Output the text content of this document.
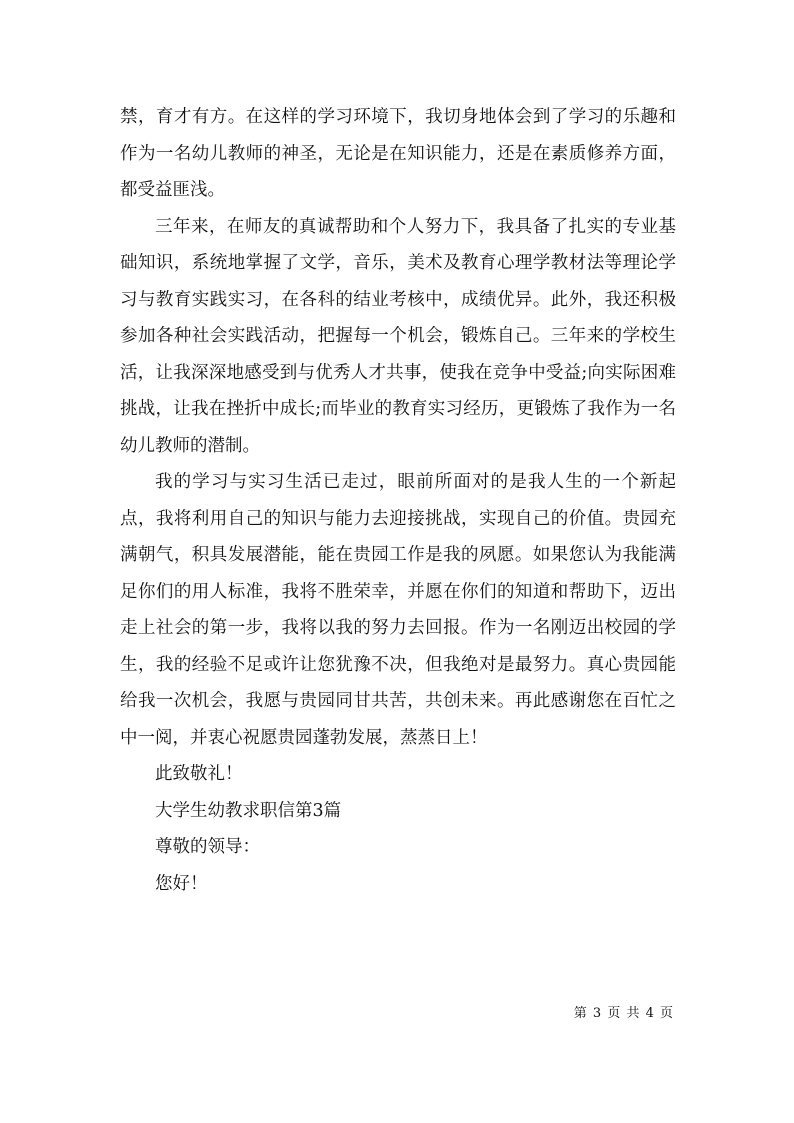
禁，育才有方。在这样的学习环境下，我切身地体会到了学习的乐趣和作为一名幼儿教师的神圣，无论是在知识能力，还是在素质修养方面，都受益匪浅。

三年来，在师友的真诚帮助和个人努力下，我具备了扎实的专业基础知识，系统地掌握了文学，音乐，美术及教育心理学教材法等理论学习与教育实践实习，在各科的结业考核中，成绩优异。此外，我还积极参加各种社会实践活动，把握每一个机会，锻炼自己。三年来的学校生活，让我深深地感受到与优秀人才共事，使我在竞争中受益;向实际困难挑战，让我在挫折中成长;而毕业的教育实习经历，更锻炼了我作为一名幼儿教师的潜制。

我的学习与实习生活已走过，眼前所面对的是我人生的一个新起点，我将利用自己的知识与能力去迎接挑战，实现自己的价值。贵园充满朝气，积具发展潜能，能在贵园工作是我的夙愿。如果您认为我能满足你们的用人标准，我将不胜荣幸，并愿在你们的知道和帮助下，迈出走上社会的第一步，我将以我的努力去回报。作为一名刚迈出校园的学生，我的经验不足或许让您犹豫不决，但我绝对是最努力。真心贵园能给我一次机会，我愿与贵园同甘共苦，共创未来。再此感谢您在百忙之中一阅，并衷心祝愿贵园蓬勃发展，蒸蒸日上！

此致敬礼！

大学生幼教求职信第3篇

尊敬的领导：

您好！

第 3 页 共 4 页
